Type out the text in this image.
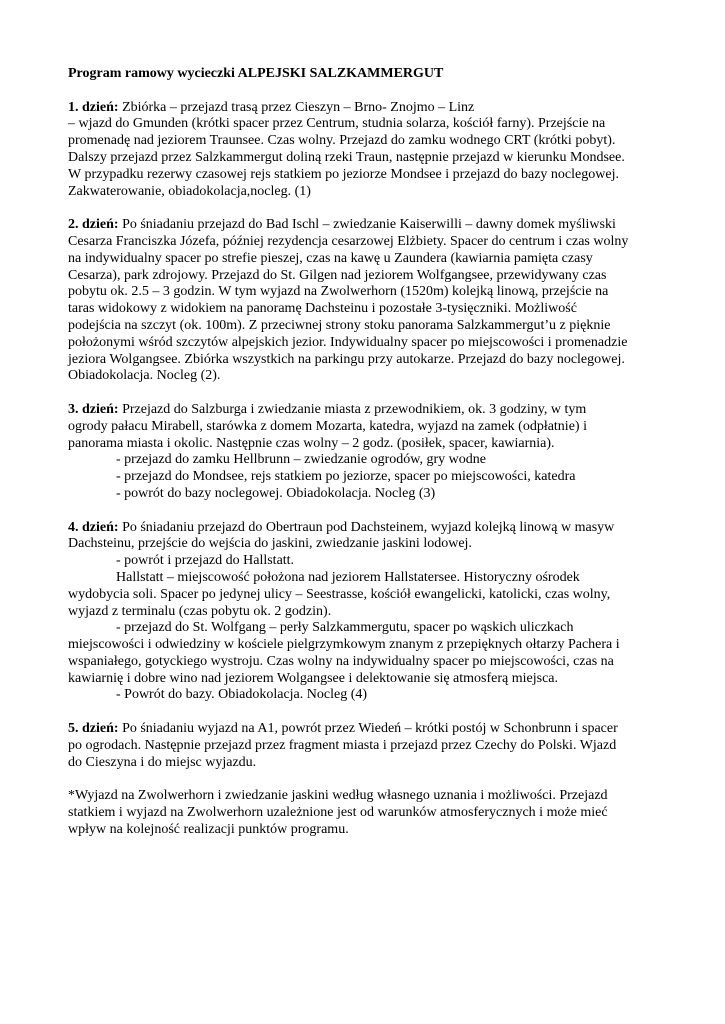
Program ramowy wycieczki ALPEJSKI SALZKAMMERGUT

1. dzień: Zbiórka – przejazd trasą przez Cieszyn – Brno- Znojmo – Linz
– wjazd do Gmunden (krótki spacer przez Centrum, studnia solarza, kościół farny). Przejście na
promenadę nad jeziorem Traunsee. Czas wolny. Przejazd do zamku wodnego CRT (krótki pobyt).
Dalszy przejazd przez Salzkammergut doliną rzeki Traun, następnie przejazd w kierunku Mondsee.
W przypadku rezerwy czasowej rejs statkiem po jeziorze Mondsee i przejazd do bazy noclegowej.
Zakwaterowanie, obiadokolacja,nocleg. (1)

2. dzień: Po śniadaniu przejazd do Bad Ischl – zwiedzanie Kaiserwilli – dawny domek myśliwski
Cesarza Franciszka Józefa, później rezydencja cesarzowej Elżbiety. Spacer do centrum i czas wolny
na indywidualny spacer po strefie pieszej, czas na kawę u Zaundera (kawiarnia pamięta czasy
Cesarza), park zdrojowy. Przejazd do St. Gilgen nad jeziorem Wolfgangsee, przewidywany czas
pobytu ok. 2.5 – 3 godzin. W tym wyjazd na Zwolwerhorn (1520m) kolejką linową, przejście na
taras widokowy z widokiem na panoramę Dachsteinu i pozostałe 3-tysięczniki. Możliwość
podejścia na szczyt (ok. 100m). Z przeciwnej strony stoku panorama Salzkammergut’u z pięknie
położonymi wśród szczytów alpejskich jezior. Indywidualny spacer po miejscowości i promenadzie
jeziora Wolgangsee. Zbiórka wszystkich na parkingu przy autokarze. Przejazd do bazy noclegowej.
Obiadokolacja. Nocleg (2).

3. dzień: Przejazd do Salzburga i zwiedzanie miasta z przewodnikiem, ok. 3 godziny, w tym
ogrody pałacu Mirabell, starówka z domem Mozarta, katedra, wyjazd na zamek (odpłatnie) i
panorama miasta i okolic. Następnie czas wolny – 2 godz. (posiłek, spacer, kawiarnia).

- przejazd do zamku Hellbrunn – zwiedzanie ogrodów, gry wodne

- przejazd do Mondsee, rejs statkiem po jeziorze, spacer po miejscowości, katedra

- powrót do bazy noclegowej. Obiadokolacja. Nocleg (3)

4. dzień: Po śniadaniu przejazd do Obertraun pod Dachsteinem, wyjazd kolejką linową w masyw
Dachsteinu, przejście do wejścia do jaskini, zwiedzanie jaskini lodowej.

- powrót i przejazd do Hallstatt.

Hallstatt – miejscowość położona nad jeziorem Hallstatersee. Historyczny ośrodek
wydobycia soli. Spacer po jedynej ulicy – Seestrasse, kościół ewangelicki, katolicki, czas wolny,
wyjazd z terminalu (czas pobytu ok. 2 godzin).

- przejazd do St. Wolfgang – perły Salzkammergutu, spacer po wąskich uliczkach
miejscowości i odwiedziny w kościele pielgrzymkowym znanym z przepięknych ołtarzy Pachera i
wspaniałego, gotyckiego wystroju. Czas wolny na indywidualny spacer po miejscowości, czas na
kawiarnię i dobre wino nad jeziorem Wolgangsee i delektowanie się atmosferą miejsca.

- Powrót do bazy. Obiadokolacja. Nocleg (4)

5. dzień: Po śniadaniu wyjazd na A1, powrót przez Wiedeń – krótki postój w Schonbrunn i spacer
po ogrodach. Następnie przejazd przez fragment miasta i przejazd przez Czechy do Polski. Wjazd
do Cieszyna i do miejsc wyjazdu.

*Wyjazd na Zwolwerhorn i zwiedzanie jaskini według własnego uznania i możliwości. Przejazd
statkiem i wyjazd na Zwolwerhorn uzależnione jest od warunków atmosferycznych i może mieć
wpływ na kolejność realizacji punktów programu.
